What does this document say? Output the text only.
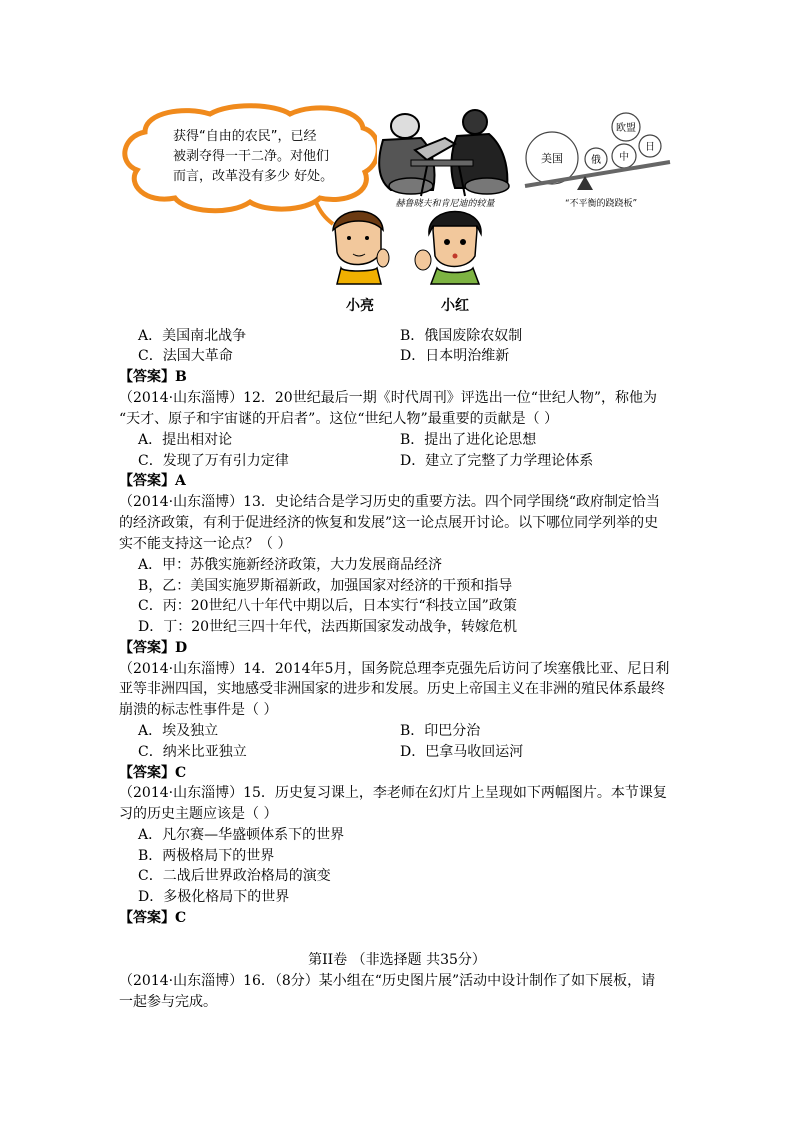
获得“自由的农民”，已经
被剥夺得一干二净。对他们
而言，改革没有多少 好处。
赫鲁晓夫和肯尼迪的较量
美国	俄 中
欧盟
日
“不平衡的跷跷板”
小亮	小红
A．美国南北战争	B．俄国废除农奴制
C．法国大革命	D．日本明治维新
【答案】B
（2014·山东淄博）12．20世纪最后一期《时代周刊》评选出一位“世纪人物”，称他为
“天才、原子和宇宙谜的开启者”。这位“世纪人物”最重要的贡献是（ ）
A．提出相对论	B．提出了进化论思想
C．发现了万有引力定律	D．建立了完整了力学理论体系
【答案】A
（2014·山东淄博）13．史论结合是学习历史的重要方法。四个同学围绕“政府制定恰当
的经济政策，有利于促进经济的恢复和发展”这一论点展开讨论。以下哪位同学列举的史
实不能支持这一论点？（ ）
A．甲：苏俄实施新经济政策，大力发展商品经济
B，乙：美国实施罗斯福新政，加强国家对经济的干预和指导
C．丙：20世纪八十年代中期以后，日本实行“科技立国”政策
D．丁：20世纪三四十年代，法西斯国家发动战争，转嫁危机
【答案】D
（2014·山东淄博）14．2014年5月，国务院总理李克强先后访问了埃塞俄比亚、尼日利
亚等非洲四国，实地感受非洲国家的进步和发展。历史上帝国主义在非洲的殖民体系最终
崩溃的标志性事件是（ ）
A．埃及独立	B．印巴分治
C．纳米比亚独立	D．巴拿马收回运河
【答案】C
（2014·山东淄博）15．历史复习课上，李老师在幻灯片上呈现如下两幅图片。本节课复
习的历史主题应该是（ ）
A．凡尔赛—华盛顿体系下的世界
B．两极格局下的世界
C．二战后世界政治格局的演变
D．多极化格局下的世界
【答案】C
第II卷 （非选择题 共35分）
（2014·山东淄博）16．（8分）某小组在“历史图片展”活动中设计制作了如下展板，请
一起参与完成。
